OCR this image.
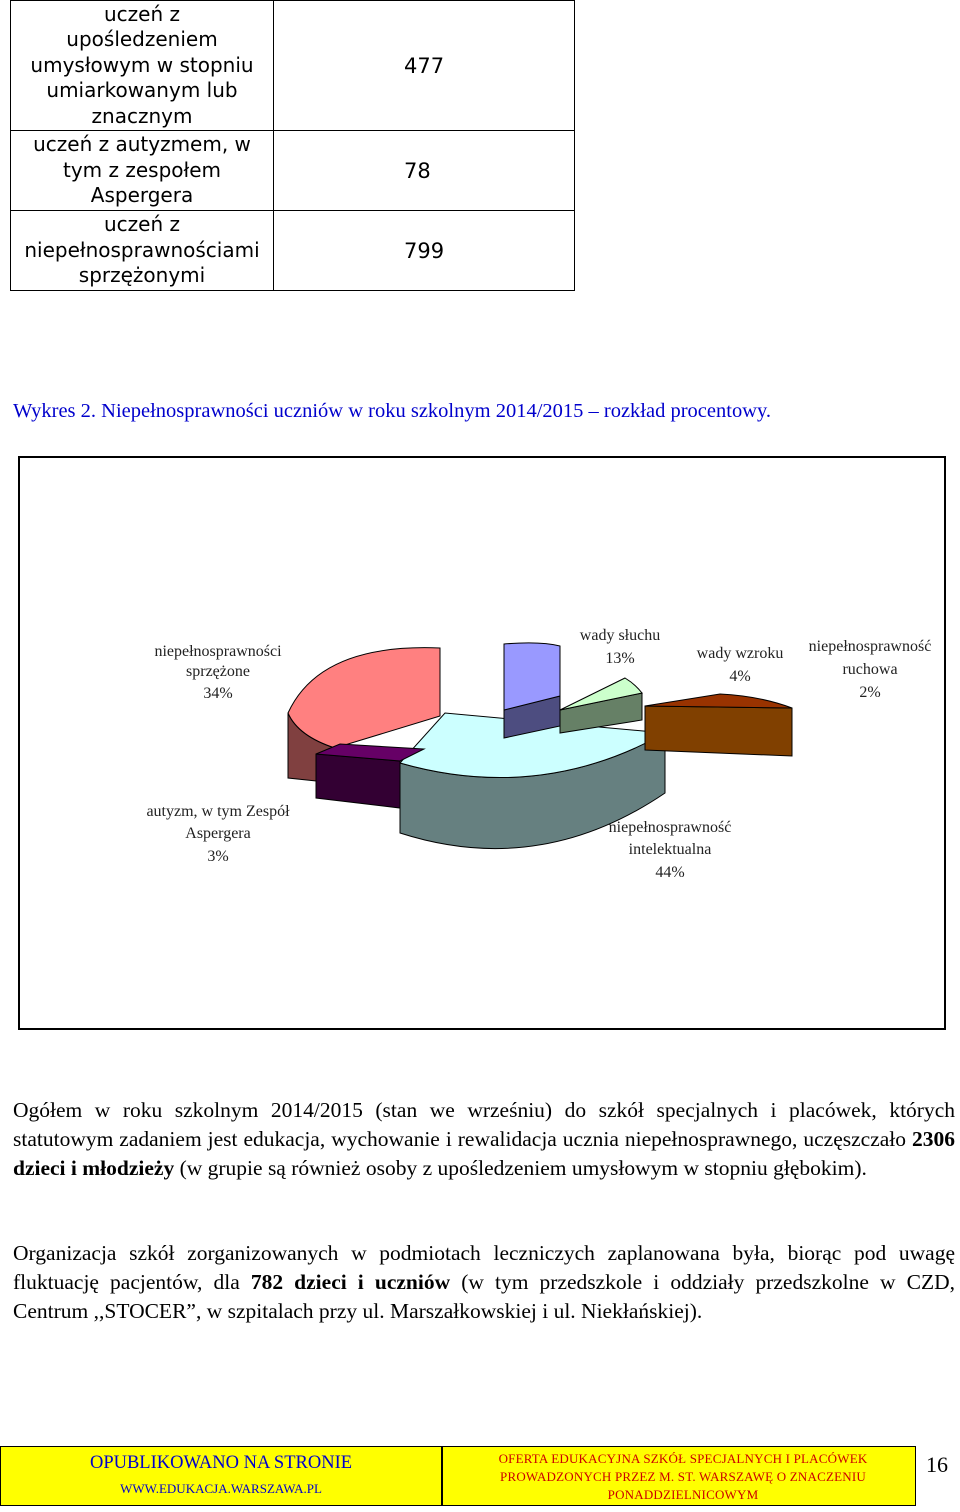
uczeń z
upośledzeniem
umysłowym w stopniu
umiarkowanym lub
znacznym	477

uczeń z autyzmem, w
tym z zespołem
Aspergera	78

uczeń z
niepełnosprawnościami
sprzężonymi	799
Wykres 2. Niepełnosprawności uczniów w roku szkolnym 2014/2015 – rozkład procentowy.
niepełnosprawności
sprzężone
34%
wady słuchu
13%	wady wzroku
4%
niepełnosprawność
ruchowa
2%
autyzm, w tym Zespół
Aspergera
3%
niepełnosprawność
intelektualna
44%
Ogółem w roku szkolnym 2014/2015 (stan we wrześniu) do szkół specjalnych i placówek, których statutowym zadaniem jest edukacja, wychowanie i rewalidacja ucznia niepełnosprawnego, uczęszczało 2306 dzieci i młodzieży (w grupie są również osoby z upośledzeniem umysłowym w stopniu głębokim).
Organizacja szkół zorganizowanych w podmiotach leczniczych zaplanowana była, biorąc pod uwagę fluktuację pacjentów, dla 782 dzieci i uczniów (w tym przedszkole i oddziały przedszkolne w CZD, Centrum ,,STOCER”, w szpitalach przy ul. Marszałkowskiej i ul. Niekłańskiej).
OPUBLIKOWANO NA STRONIE
WWW.EDUKACJA.WARSZAWA.PL
OFERTA EDUKACYJNA SZKÓŁ SPECJALNYCH I PLACÓWEK
PROWADZONYCH PRZEZ M. ST. WARSZAWĘ O ZNACZENIU
PONADDZIELNICOWYM
16
